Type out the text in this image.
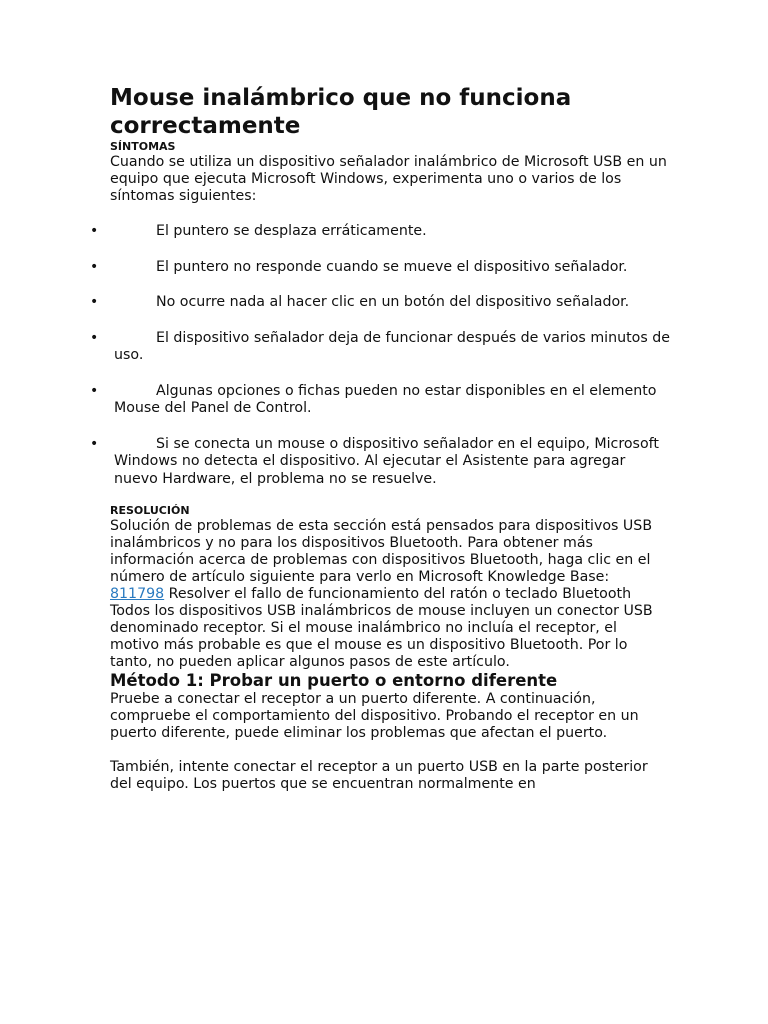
Mouse inalámbrico que no funciona correctamente

SÍNTOMAS

Cuando se utiliza un dispositivo señalador inalámbrico de Microsoft USB en un equipo que ejecuta Microsoft Windows, experimenta uno o varios de los síntomas siguientes:

•	El puntero se desplaza erráticamente.
•	El puntero no responde cuando se mueve el dispositivo señalador.
•	No ocurre nada al hacer clic en un botón del dispositivo señalador.
•	El dispositivo señalador deja de funcionar después de varios minutos de uso.
•	Algunas opciones o fichas pueden no estar disponibles en el elemento Mouse del Panel de Control.
•	Si se conecta un mouse o dispositivo señalador en el equipo, Microsoft Windows no detecta el dispositivo. Al ejecutar el Asistente para agregar nuevo Hardware, el problema no se resuelve.

RESOLUCIÓN

Solución de problemas de esta sección está pensados para dispositivos USB inalámbricos y no para los dispositivos Bluetooth. Para obtener más información acerca de problemas con dispositivos Bluetooth, haga clic en el número de artículo siguiente para verlo en Microsoft Knowledge Base:

811798 Resolver el fallo de funcionamiento del ratón o teclado Bluetooth

Todos los dispositivos USB inalámbricos de mouse incluyen un conector USB denominado receptor. Si el mouse inalámbrico no incluía el receptor, el motivo más probable es que el mouse es un dispositivo Bluetooth. Por lo tanto, no pueden aplicar algunos pasos de este artículo.

Método 1: Probar un puerto o entorno diferente

Pruebe a conectar el receptor a un puerto diferente. A continuación, compruebe el comportamiento del dispositivo. Probando el receptor en un puerto diferente, puede eliminar los problemas que afectan el puerto.

También, intente conectar el receptor a un puerto USB en la parte posterior del equipo. Los puertos que se encuentran normalmente en
